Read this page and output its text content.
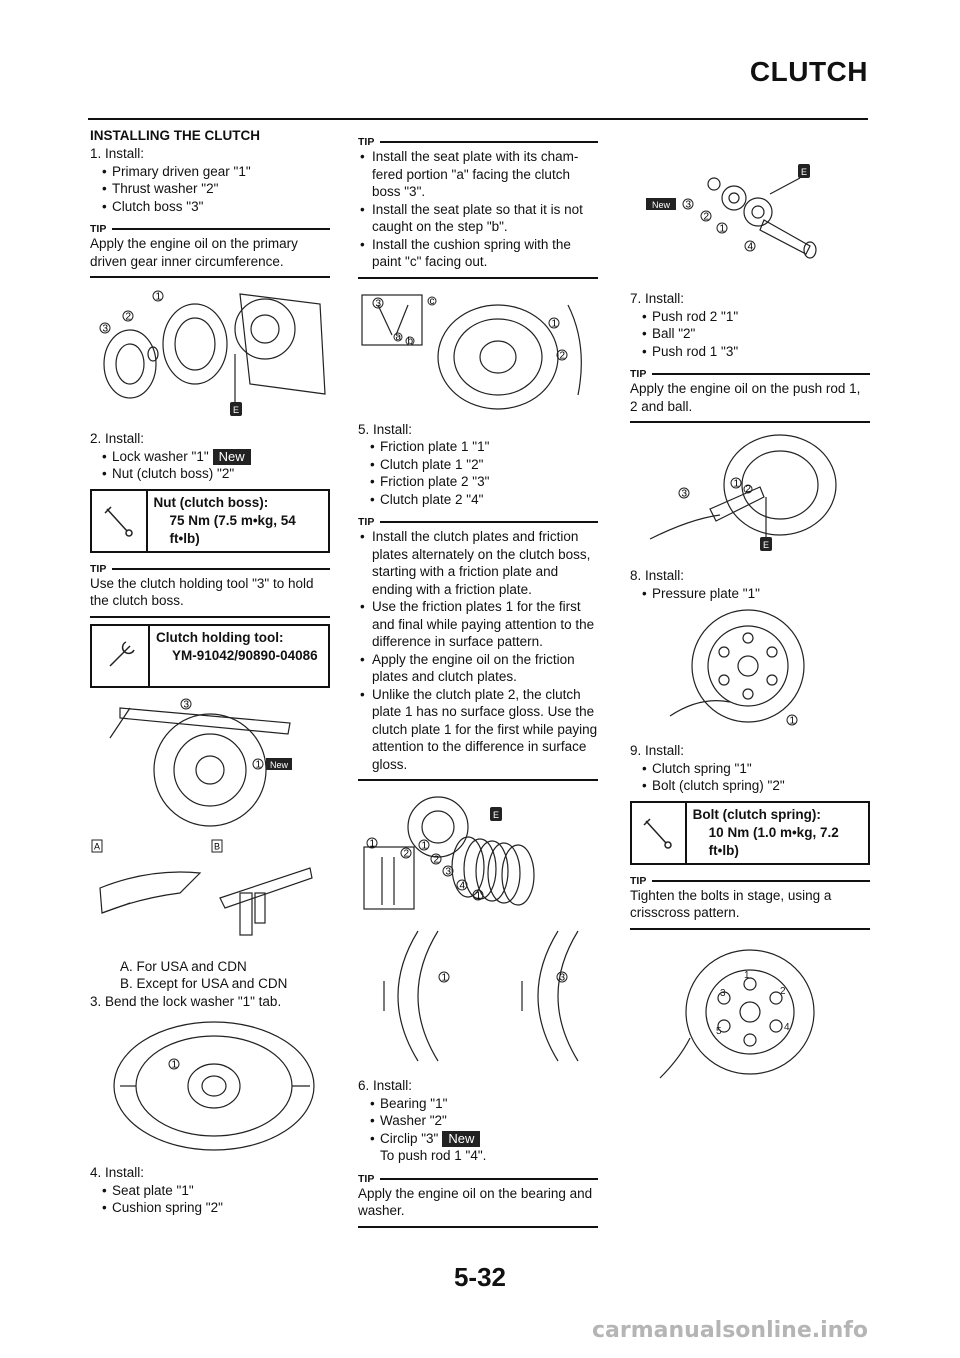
CLUTCH
INSTALLING THE CLUTCH
1. Install:
• Primary driven gear "1"
• Thrust washer "2"
• Clutch boss "3"
TIP
Apply the engine oil on the primary driven gear inner circumference.
E
1
2
3
2. Install:
• Lock washer "1" New
• Nut (clutch boss) "2"
Nut (clutch boss):
75 Nm (7.5 m•kg, 54 ft•lb)
TIP
Use the clutch holding tool "3" to hold the clutch boss.
Clutch holding tool:
YM-91042/90890-04086
New
3
1
A	B
A. For USA and CDN
B. Except for USA and CDN
3. Bend the lock washer "1" tab.
1
4. Install:
• Seat plate "1"
• Cushion spring "2"
TIP
• Install the seat plate with its cham-fered portion "a" facing the clutch boss "3".
• Install the seat plate so that it is not caught on the step "b".
• Install the cushion spring with the paint "c" facing out.
3
a b
c
1
2
5. Install:
• Friction plate 1 "1"
• Clutch plate 1 "2"
• Friction plate 2 "3"
• Clutch plate 2 "4"
TIP
• Install the clutch plates and friction plates alternately on the clutch boss, starting with a friction plate and ending with a friction plate.
• Use the friction plates 1 for the first and final while paying attention to the difference in surface pattern.
• Apply the engine oil on the friction plates and clutch plates.
• Unlike the clutch plate 2, the clutch plate 1 has no surface gloss. Use the clutch plate 1 for the first while paying attention to the difference in surface gloss.
E
1
2
1
2
3
4
1
1	3
6. Install:
• Bearing "1"
• Washer "2"
• Circlip "3" New
To push rod 1 "4".
TIP
Apply the engine oil on the bearing and washer.
E
New 3
2
1
4
7. Install:
• Push rod 2 "1"
• Ball "2"
• Push rod 1 "3"
TIP
Apply the engine oil on the push rod 1, 2 and ball.
E
3
1 2
8. Install:
• Pressure plate "1"
1
9. Install:
• Clutch spring "1"
• Bolt (clutch spring) "2"
Bolt (clutch spring):
10 Nm (1.0 m•kg, 7.2 ft•lb)
TIP
Tighten the bolts in stage, using a crisscross pattern.
1
2
3
4
5
5-32
carmanualsonline.info
